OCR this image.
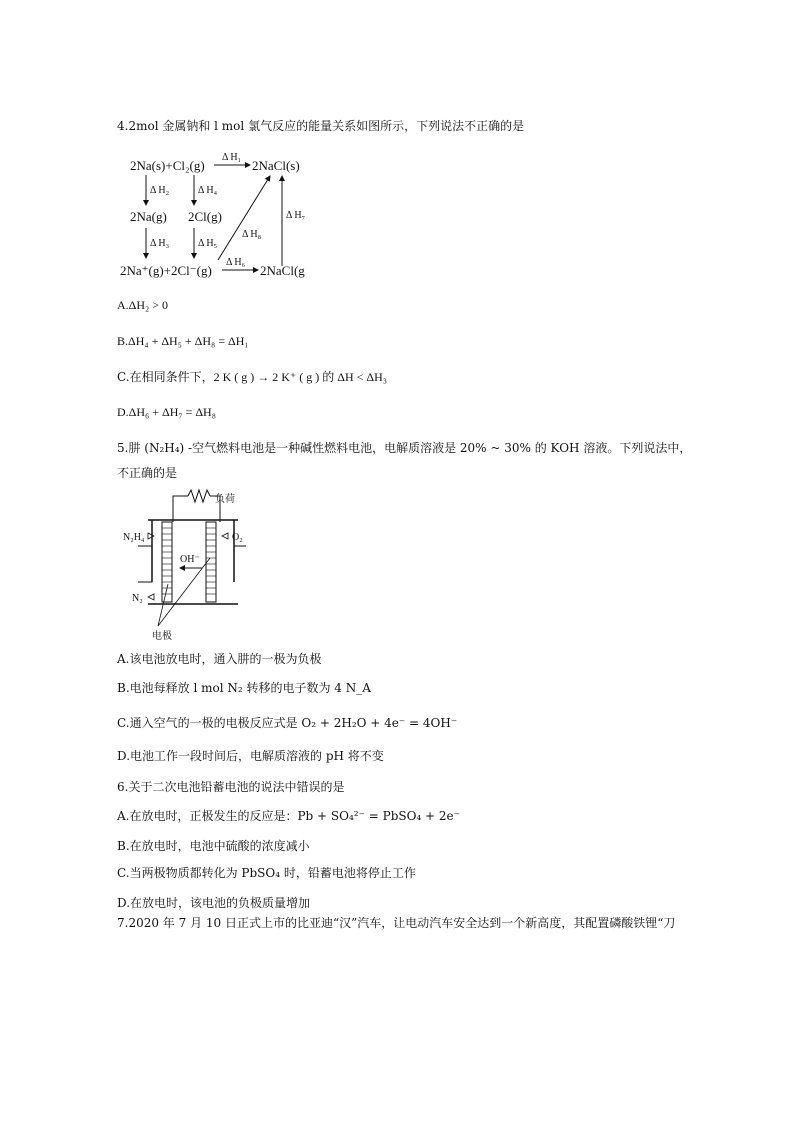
4.2mol 金属钠和 l mol 氯气反应的能量关系如图所示，下列说法不正确的是
2Na(s)+Cl₂(g)	2NaCl(s)
Δ H₁
Δ H₂	Δ H₄
2Na(g) 2Cl(g)	Δ H₇
Δ H₈
Δ H₃	Δ H₅
2Na⁺(g)+2Cl⁻(g)
Δ H₆
2NaCl(g
A.ΔH₂ > 0
B.ΔH₄ + ΔH₅ + ΔH₈ = ΔH₁
C.在相同条件下，2 K ( g ) → 2 K⁺ ( g ) 的 ΔH < ΔH₃
D.ΔH₆ + ΔH₇ = ΔH₈
5.肼 (N₂H₄) -空气燃料电池是一种碱性燃料电池，电解质溶液是 20% ~ 30% 的 KOH 溶液。下列说法中，
不正确的是
负荷
N₂H₄	O₂
OH⁻
N₂
电极
A.该电池放电时，通入肼的一极为负极
B.电池每释放 l mol N₂ 转移的电子数为 4 N_A
C.通入空气的一极的电极反应式是 O₂ + 2H₂O + 4e⁻ = 4OH⁻
D.电池工作一段时间后，电解质溶液的 pH 将不变
6.关于二次电池铅蓄电池的说法中错误的是
A.在放电时，正极发生的反应是：Pb + SO₄²⁻ = PbSO₄ + 2e⁻
B.在放电时，电池中硫酸的浓度减小
C.当两极物质都转化为 PbSO₄ 时，铅蓄电池将停止工作
D.在放电时，该电池的负极质量增加
7.2020 年 7 月 10 日正式上市的比亚迪“汉”汽车，让电动汽车安全达到一个新高度，其配置磷酸铁锂“刀
